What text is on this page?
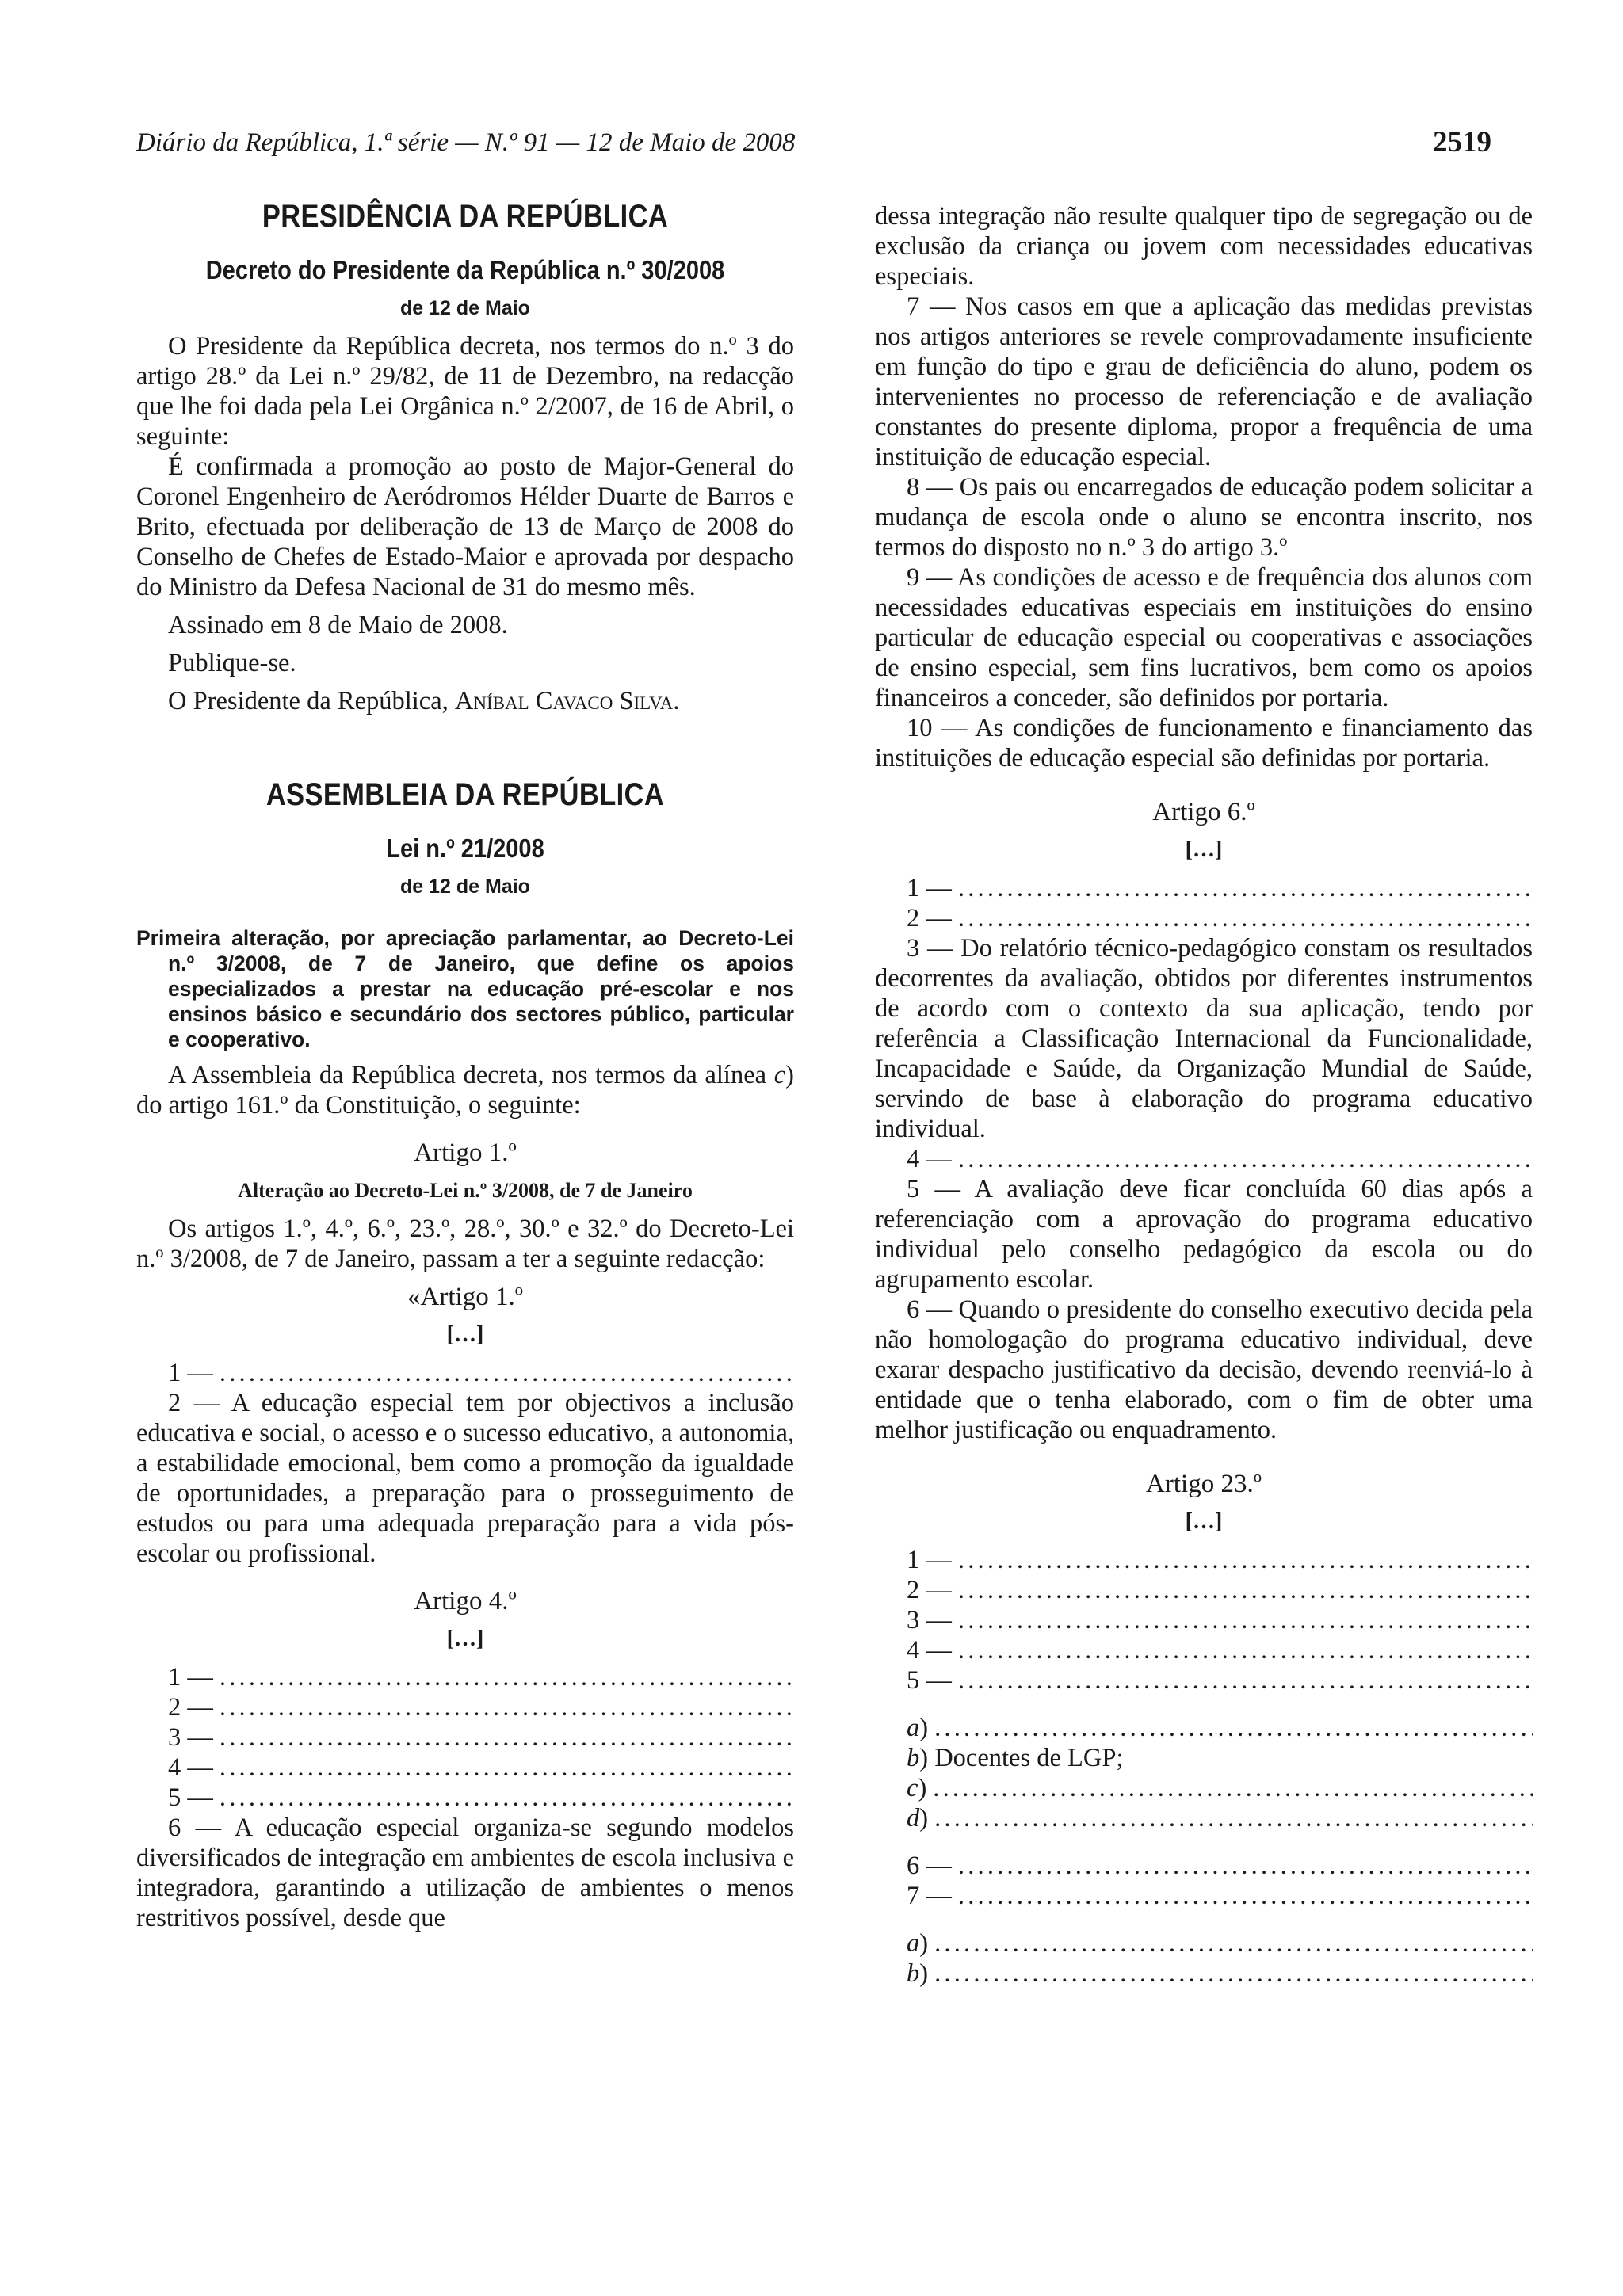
Diário da República, 1.ª série — N.º 91 — 12 de Maio de 2008	2519
PRESIDÊNCIA DA REPÚBLICA
Decreto do Presidente da República n.º 30/2008
de 12 de Maio

O Presidente da República decreta, nos termos do n.º 3 do artigo 28.º da Lei n.º 29/82, de 11 de Dezembro, na redacção que lhe foi dada pela Lei Orgânica n.º 2/2007, de 16 de Abril, o seguinte:

É confirmada a promoção ao posto de Major-General do Coronel Engenheiro de Aeródromos Hélder Duarte de Barros e Brito, efectuada por deliberação de 13 de Março de 2008 do Conselho de Chefes de Estado-Maior e aprovada por despacho do Ministro da Defesa Nacional de 31 do mesmo mês.

Assinado em 8 de Maio de 2008.

Publique-se.

O Presidente da República, Aníbal Cavaco Silva.

ASSEMBLEIA DA REPÚBLICA
Lei n.º 21/2008
de 12 de Maio
Primeira alteração, por apreciação parlamentar, ao Decreto-Lei n.º 3/2008, de 7 de Janeiro, que define os apoios especializados a prestar na educação pré-escolar e nos ensinos básico e secundário dos sectores público, particular e cooperativo.

A Assembleia da República decreta, nos termos da alínea c) do artigo 161.º da Constituição, o seguinte:

Artigo 1.º
Alteração ao Decreto-Lei n.º 3/2008, de 7 de Janeiro

Os artigos 1.º, 4.º, 6.º, 23.º, 28.º, 30.º e 32.º do Decreto-Lei n.º 3/2008, de 7 de Janeiro, passam a ter a seguinte redacção:

«Artigo 1.º
[…]
1 —
.....

2 — A educação especial tem por objectivos a inclusão educativa e social, o acesso e o sucesso educativo, a autonomia, a estabilidade emocional, bem como a promoção da igualdade de oportunidades, a preparação para o prosseguimento de estudos ou para uma adequada preparação para a vida pós-escolar ou profissional.

Artigo 4.º
[…]
1 —
.....
2 —
.....
3 —
.....
4 —
.....
5 —
.....

6 — A educação especial organiza-se segundo modelos diversificados de integração em ambientes de escola inclusiva e integradora, garantindo a utilização de ambientes o menos restritivos possível, desde que

dessa integração não resulte qualquer tipo de segregação ou de exclusão da criança ou jovem com necessidades educativas especiais.

7 — Nos casos em que a aplicação das medidas previstas nos artigos anteriores se revele comprovadamente insuficiente em função do tipo e grau de deficiência do aluno, podem os intervenientes no processo de referenciação e de avaliação constantes do presente diploma, propor a frequência de uma instituição de educação especial.

8 — Os pais ou encarregados de educação podem solicitar a mudança de escola onde o aluno se encontra inscrito, nos termos do disposto no n.º 3 do artigo 3.º

9 — As condições de acesso e de frequência dos alunos com necessidades educativas especiais em instituições do ensino particular de educação especial ou cooperativas e associações de ensino especial, sem fins lucrativos, bem como os apoios financeiros a conceder, são definidos por portaria.

10 — As condições de funcionamento e financiamento das instituições de educação especial são definidas por portaria.

Artigo 6.º
[…]
1 —
.....
2 —
.....

3 — Do relatório técnico-pedagógico constam os resultados decorrentes da avaliação, obtidos por diferentes instrumentos de acordo com o contexto da sua aplicação, tendo por referência a Classificação Internacional da Funcionalidade, Incapacidade e Saúde, da Organização Mundial de Saúde, servindo de base à elaboração do programa educativo individual.

4 —
.....

5 — A avaliação deve ficar concluída 60 dias após a referenciação com a aprovação do programa educativo individual pelo conselho pedagógico da escola ou do agrupamento escolar.

6 — Quando o presidente do conselho executivo decida pela não homologação do programa educativo individual, deve exarar despacho justificativo da decisão, devendo reenviá-lo à entidade que o tenha elaborado, com o fim de obter uma melhor justificação ou enquadramento.

Artigo 23.º
[…]
1 —
.....
2 —
.....
3 —
.....
4 —
.....
5 —
.....
a)
.....
b) Docentes de LGP;
c)
.....
d)
.....
6 —
.....
7 —
.....
a)
.....
b)
.....
